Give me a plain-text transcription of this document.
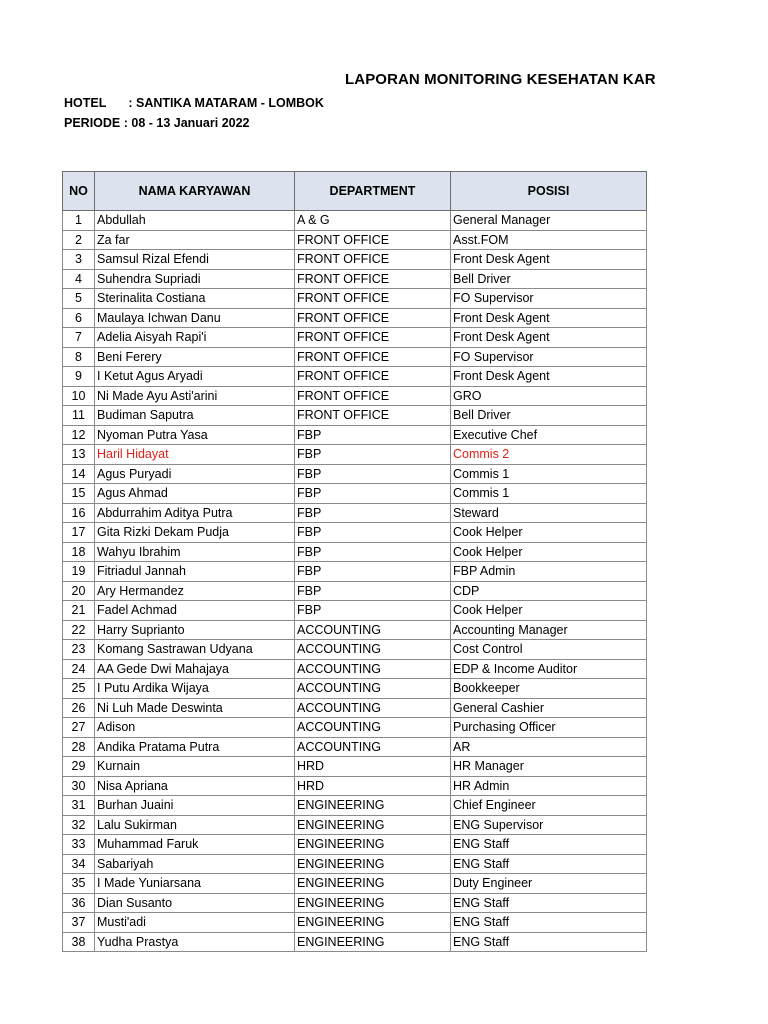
LAPORAN MONITORING KESEHATAN KAR
HOTEL : SANTIKA MATARAM - LOMBOK
PERIODE : 08 - 13 Januari 2022
NO	NAMA KARYAWAN	DEPARTMENT	POSISI
1	Abdullah	A & G	General Manager
2	Za far	FRONT OFFICE	Asst.FOM
3	Samsul Rizal Efendi	FRONT OFFICE	Front Desk Agent
4	Suhendra Supriadi	FRONT OFFICE	Bell Driver
5	Sterinalita Costiana	FRONT OFFICE	FO Supervisor
6	Maulaya Ichwan Danu	FRONT OFFICE	Front Desk Agent
7	Adelia Aisyah Rapi'i	FRONT OFFICE	Front Desk Agent
8	Beni Ferery	FRONT OFFICE	FO Supervisor
9	I Ketut Agus Aryadi	FRONT OFFICE	Front Desk Agent
10	Ni Made Ayu Asti'arini	FRONT OFFICE	GRO
11	Budiman Saputra	FRONT OFFICE	Bell Driver
12	Nyoman Putra Yasa	FBP	Executive Chef
13	Haril Hidayat	FBP	Commis 2
14	Agus Puryadi	FBP	Commis 1
15	Agus Ahmad	FBP	Commis 1
16	Abdurrahim Aditya Putra	FBP	Steward
17	Gita Rizki Dekam Pudja	FBP	Cook Helper
18	Wahyu Ibrahim	FBP	Cook Helper
19	Fitriadul Jannah	FBP	FBP Admin
20	Ary Hermandez	FBP	CDP
21	Fadel Achmad	FBP	Cook Helper
22	Harry Suprianto	ACCOUNTING	Accounting Manager
23	Komang Sastrawan Udyana	ACCOUNTING	Cost Control
24	AA Gede Dwi Mahajaya	ACCOUNTING	EDP & Income Auditor
25	I Putu Ardika Wijaya	ACCOUNTING	Bookkeeper
26	Ni Luh Made Deswinta	ACCOUNTING	General Cashier
27	Adison	ACCOUNTING	Purchasing Officer
28	Andika Pratama Putra	ACCOUNTING	AR
29	Kurnain	HRD	HR Manager
30	Nisa Apriana	HRD	HR Admin
31	Burhan Juaini	ENGINEERING	Chief Engineer
32	Lalu Sukirman	ENGINEERING	ENG Supervisor
33	Muhammad Faruk	ENGINEERING	ENG Staff
34	Sabariyah	ENGINEERING	ENG Staff
35	I Made Yuniarsana	ENGINEERING	Duty Engineer
36	Dian Susanto	ENGINEERING	ENG Staff
37	Musti'adi	ENGINEERING	ENG Staff
38	Yudha Prastya	ENGINEERING	ENG Staff
